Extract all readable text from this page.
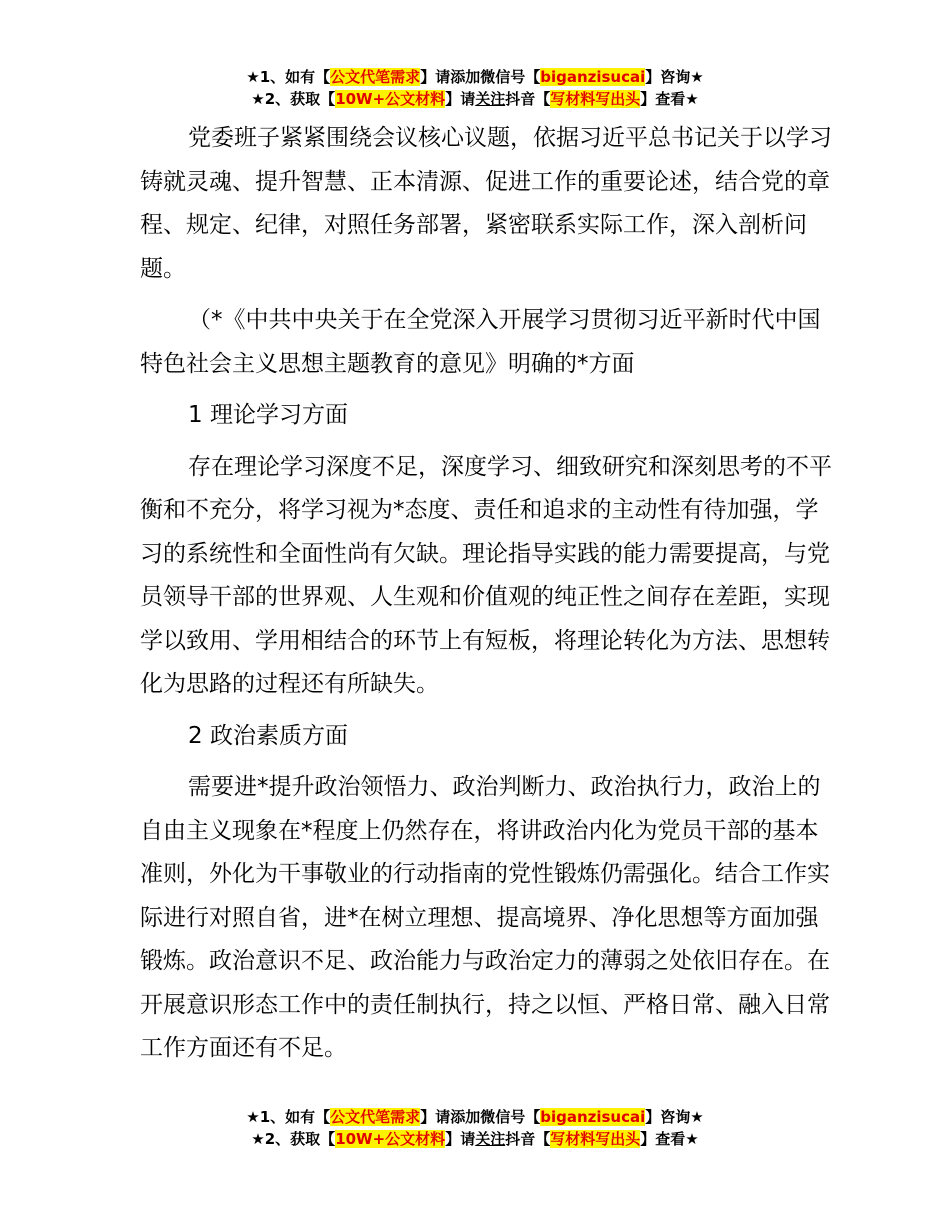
★1、如有【公文代笔需求】请添加微信号【biganzisucai】咨询★
★2、获取【10W+公文材料】请关注抖音【写材料写出头】查看★

党委班子紧紧围绕会议核心议题，依据习近平总书记关于以学习铸就灵魂、提升智慧、正本清源、促进工作的重要论述，结合党的章程、规定、纪律，对照任务部署，紧密联系实际工作，深入剖析问题。

（*《中共中央关于在全党深入开展学习贯彻习近平新时代中国特色社会主义思想主题教育的意见》明确的*方面

1 理论学习方面

存在理论学习深度不足，深度学习、细致研究和深刻思考的不平衡和不充分，将学习视为*态度、责任和追求的主动性有待加强，学习的系统性和全面性尚有欠缺。理论指导实践的能力需要提高，与党员领导干部的世界观、人生观和价值观的纯正性之间存在差距，实现学以致用、学用相结合的环节上有短板，将理论转化为方法、思想转化为思路的过程还有所缺失。

2 政治素质方面

需要进*提升政治领悟力、政治判断力、政治执行力，政治上的自由主义现象在*程度上仍然存在，将讲政治内化为党员干部的基本准则，外化为干事敬业的行动指南的党性锻炼仍需强化。结合工作实际进行对照自省，进*在树立理想、提高境界、净化思想等方面加强锻炼。政治意识不足、政治能力与政治定力的薄弱之处依旧存在。在开展意识形态工作中的责任制执行，持之以恒、严格日常、融入日常工作方面还有不足。

★1、如有【公文代笔需求】请添加微信号【biganzisucai】咨询★
★2、获取【10W+公文材料】请关注抖音【写材料写出头】查看★
